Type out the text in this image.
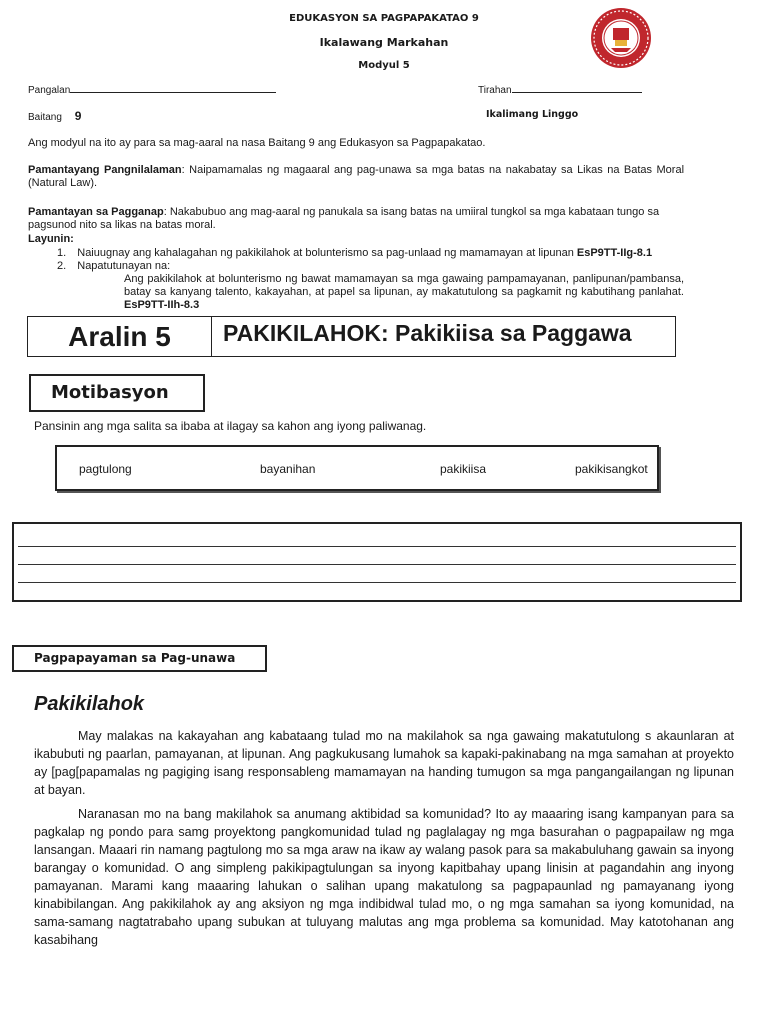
EDUKASYON SA PAGPAPAKATAO 9
Ikalawang Markahan
Modyul 5
Pangalan	Tirahan
Baitang 9	Ikalimang Linggo
Ang modyul na ito ay para sa mag-aaral na nasa Baitang 9 ang Edukasyon sa Pagpapakatao.
Pamantayang Pangnilalaman: Naipamamalas ng magaaral ang pag-unawa sa mga batas na nakabatay sa Likas na Batas Moral (Natural Law).
Pamantayan sa Pagganap: Nakabubuo ang mag-aaral ng panukala sa isang batas na umiiral tungkol sa mga kabataan tungo sa pagsunod nito sa likas na batas moral.
Layunin:
1. Naiuugnay ang kahalagahan ng pakikilahok at bolunterismo sa pag-unlaad ng mamamayan at lipunan EsP9TT-IIg-8.1
2. Napatutunayan na:
Ang pakikilahok at bolunterismo ng bawat mamamayan sa mga gawaing pampamayanan, panlipunan/pambansa, batay sa kanyang talento, kakayahan, at papel sa lipunan, ay makatutulong sa pagkamit ng kabutihang panlahat. EsP9TT-IIh-8.3
Aralin 5	PAKIKILAHOK: Pakikiisa sa Paggawa
Motibasyon
Pansinin ang mga salita sa ibaba at ilagay sa kahon ang iyong paliwanag.
pagtulong	bayanihan	pakikiisa	pakikisangkot
Pagpapayaman sa Pag-unawa
Pakikilahok
May malakas na kakayahan ang kabataang tulad mo na makilahok sa nga gawaing makatutulong s akaunlaran at ikabubuti ng paarlan, pamayanan, at lipunan. Ang pagkukusang lumahok sa kapaki-pakinabang na mga samahan at proyekto ay [pag[papamalas ng pagiging isang responsableng mamamayan na handing tumugon sa mga pangangailangan ng lipunan at bayan.
Naranasan mo na bang makilahok sa anumang aktibidad sa komunidad? Ito ay maaaring isang kampanyan para sa pagkalap ng pondo para samg proyektong pangkomunidad tulad ng paglalagay ng mga basurahan o pagpapailaw ng mga lansangan. Maaari rin namang pagtulong mo sa mga araw na ikaw ay walang pasok para sa makabuluhang gawain sa inyong barangay o komunidad. O ang simpleng pakikipagtulungan sa inyong kapitbahay upang linisin at pagandahin ang inyong pamayanan. Marami kang maaaring lahukan o salihan upang makatulong sa pagpapaunlad ng pamayanang iyong kinabibilangan. Ang pakikilahok ay ang aksiyon ng mga indibidwal tulad mo, o ng mga samahan sa iyong komunidad, na sama-samang nagtatrabaho upang subukan at tuluyang malutas ang mga problema sa komunidad. May katotohanan ang kasabihang
